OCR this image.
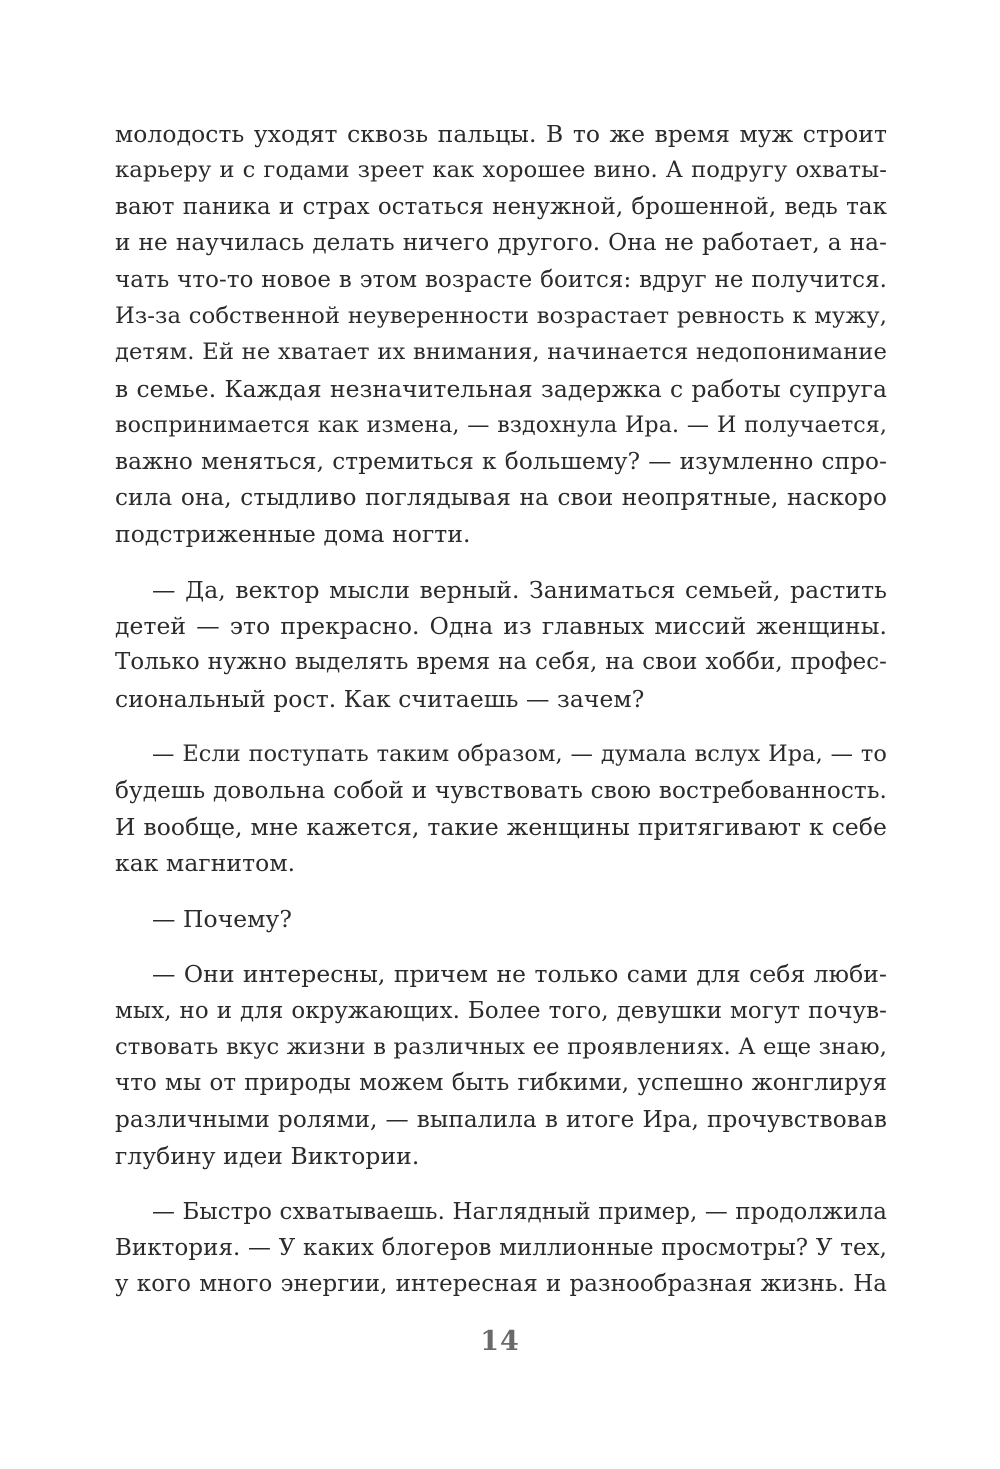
молодость уходят сквозь пальцы. В то же время муж строит
карьеру и с годами зреет как хорошее вино. А подругу охваты-
вают паника и страх остаться ненужной, брошенной, ведь так
и не научилась делать ничего другого. Она не работает, а на-
чать что-то новое в этом возрасте боится: вдруг не получится.
Из-за собственной неуверенности возрастает ревность к мужу,
детям. Ей не хватает их внимания, начинается недопонимание
в семье. Каждая незначительная задержка с работы супруга
воспринимается как измена, — вздохнула Ира. — И получается,
важно меняться, стремиться к большему? — изумленно спро-
сила она, стыдливо поглядывая на свои неопрятные, наскоро
подстриженные дома ногти.
— Да, вектор мысли верный. Заниматься семьей, растить
детей — это прекрасно. Одна из главных миссий женщины.
Только нужно выделять время на себя, на свои хобби, профес-
сиональный рост. Как считаешь — зачем?
— Если поступать таким образом, — думала вслух Ира, — то
будешь довольна собой и чувствовать свою востребованность.
И вообще, мне кажется, такие женщины притягивают к себе
как магнитом.
— Почему?
— Они интересны, причем не только сами для себя люби-
мых, но и для окружающих. Более того, девушки могут почув-
ствовать вкус жизни в различных ее проявлениях. А еще знаю,
что мы от природы можем быть гибкими, успешно жонглируя
различными ролями, — выпалила в итоге Ира, прочувствовав
глубину идеи Виктории.
— Быстро схватываешь. Наглядный пример, — продолжила
Виктория. — У каких блогеров миллионные просмотры? У тех,
у кого много энергии, интересная и разнообразная жизнь. На
14
